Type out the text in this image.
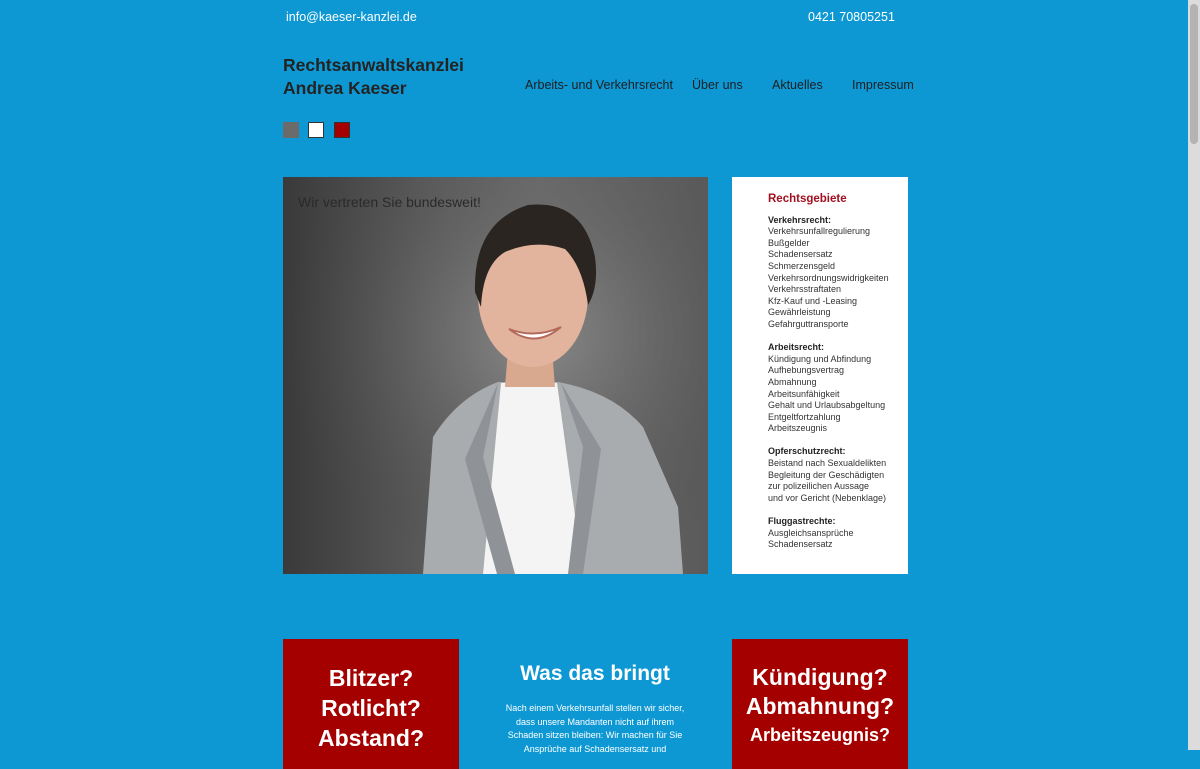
info@kaeser-kanzlei.de	0421 70805251
Rechtsanwaltskanzlei
Andrea Kaeser	Arbeits- und Verkehrsrecht Über uns Aktuelles Impressum
Wir vertreten Sie bundesweit!	Rechtsgebiete
Verkehrsrecht:
Verkehrsunfallregulierung
Bußgelder
Schadensersatz
Schmerzensgeld
Verkehrsordnungswidrigkeiten
Verkehrsstraftaten
Kfz-Kauf und -Leasing
Gewährleistung
Gefahrguttransporte
Arbeitsrecht:
Kündigung und Abfindung
Aufhebungsvertrag
Abmahnung
Arbeitsunfähigkeit
Gehalt und Urlaubsabgeltung
Entgeltfortzahlung
Arbeitszeugnis
Opferschutzrecht:
Beistand nach Sexualdelikten
Begleitung der Geschädigten
zur polizeilichen Aussage
und vor Gericht (Nebenklage)
Fluggastrechte:
Ausgleichsansprüche
Schadensersatz
Blitzer?
Rotlicht?
Abstand?
Was das bringt

Nach einem Verkehrsunfall stellen wir sicher,
dass unsere Mandanten nicht auf ihrem
Schaden sitzen bleiben: Wir machen für Sie
Ansprüche auf Schadensersatz und

Kündigung?
Abmahnung?
Arbeitszeugnis?
